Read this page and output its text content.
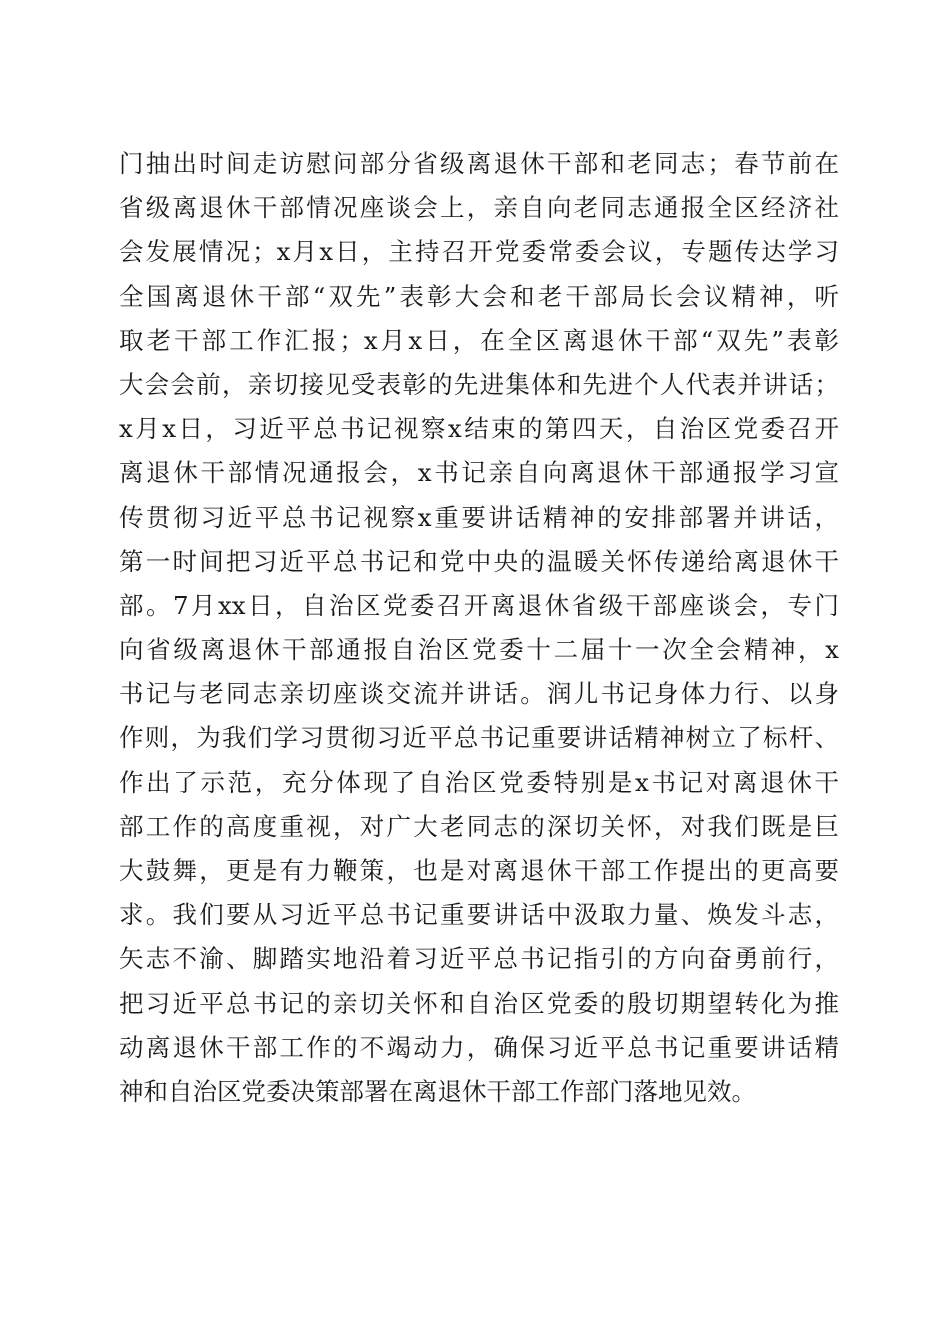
门抽出时间走访慰问部分省级离退休干部和老同志；春节前在
省级离退休干部情况座谈会上，亲自向老同志通报全区经济社
会发展情况；x月x日，主持召开党委常委会议，专题传达学习
全国离退休干部“双先”表彰大会和老干部局长会议精神，听
取老干部工作汇报；x月x日，在全区离退休干部“双先”表彰
大会会前，亲切接见受表彰的先进集体和先进个人代表并讲话；
x月x日，习近平总书记视察x结束的第四天，自治区党委召开
离退休干部情况通报会，x书记亲自向离退休干部通报学习宣
传贯彻习近平总书记视察x重要讲话精神的安排部署并讲话，
第一时间把习近平总书记和党中央的温暖关怀传递给离退休干
部。7月xx日，自治区党委召开离退休省级干部座谈会，专门
向省级离退休干部通报自治区党委十二届十一次全会精神，x
书记与老同志亲切座谈交流并讲话。润儿书记身体力行、以身
作则，为我们学习贯彻习近平总书记重要讲话精神树立了标杆、
作出了示范，充分体现了自治区党委特别是x书记对离退休干
部工作的高度重视，对广大老同志的深切关怀，对我们既是巨
大鼓舞，更是有力鞭策，也是对离退休干部工作提出的更高要
求。我们要从习近平总书记重要讲话中汲取力量、焕发斗志，
矢志不渝、脚踏实地沿着习近平总书记指引的方向奋勇前行，
把习近平总书记的亲切关怀和自治区党委的殷切期望转化为推
动离退休干部工作的不竭动力，确保习近平总书记重要讲话精
神和自治区党委决策部署在离退休干部工作部门落地见效。
